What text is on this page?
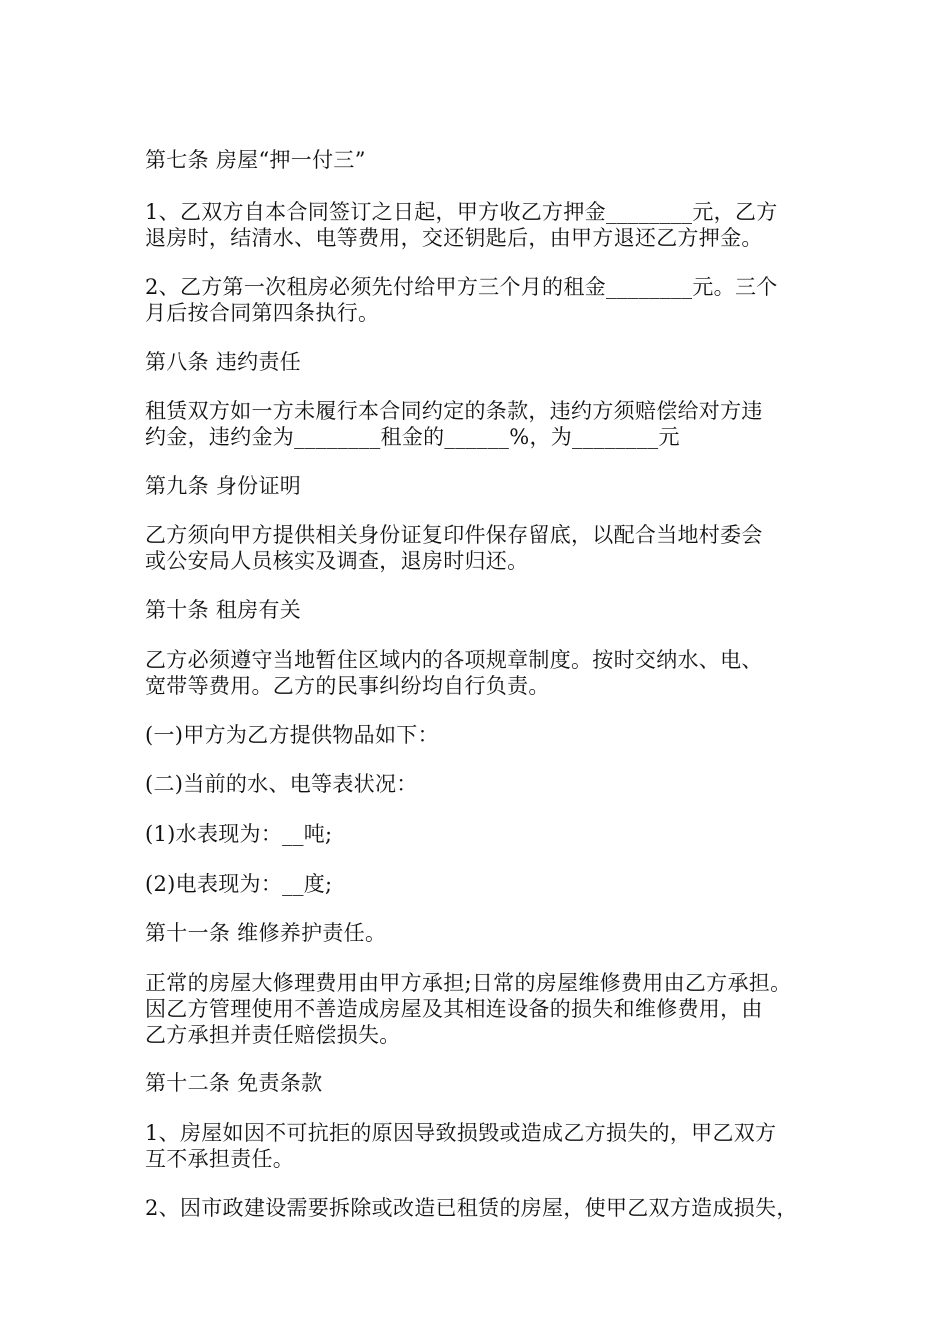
第七条 房屋“押一付三”

1、乙双方自本合同签订之日起，甲方收乙方押金________元，乙方
退房时，结清水、电等费用，交还钥匙后，由甲方退还乙方押金。

2、乙方第一次租房必须先付给甲方三个月的租金________元。三个
月后按合同第四条执行。

第八条 违约责任

租赁双方如一方未履行本合同约定的条款，违约方须赔偿给对方违
约金，违约金为________租金的______%，为________元

第九条 身份证明

乙方须向甲方提供相关身份证复印件保存留底，以配合当地村委会
或公安局人员核实及调查，退房时归还。

第十条 租房有关

乙方必须遵守当地暂住区域内的各项规章制度。按时交纳水、电、
宽带等费用。乙方的民事纠纷均自行负责。

(一)甲方为乙方提供物品如下：

(二)当前的水、电等表状况：

(1)水表现为：__吨;

(2)电表现为：__度;

第十一条 维修养护责任。

正常的房屋大修理费用由甲方承担;日常的房屋维修费用由乙方承担。
因乙方管理使用不善造成房屋及其相连设备的损失和维修费用，由
乙方承担并责任赔偿损失。

第十二条 免责条款

1、房屋如因不可抗拒的原因导致损毁或造成乙方损失的，甲乙双方
互不承担责任。

2、因市政建设需要拆除或改造已租赁的房屋，使甲乙双方造成损失，
